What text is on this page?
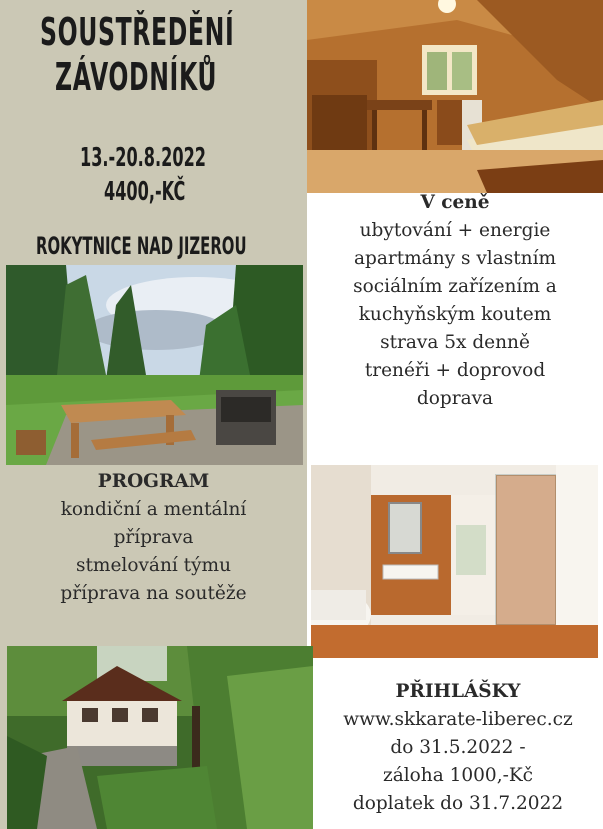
SOUSTŘEDĚNÍ
ZÁVODNÍKŮ
13.-20.8.2022
4400,-KČ
ROKYTNICE NAD JIZEROU
V ceně
ubytování + energie
apartmány s vlastním
sociálním zařízením a
kuchyňským koutem
strava 5x denně
trenéři + doprovod
doprava
PROGRAM
kondiční a mentální
příprava
stmelování týmu
příprava na soutěže
PŘIHLÁŠKY
www.skkarate-liberec.cz
do 31.5.2022 -
záloha 1000,-Kč
doplatek do 31.7.2022
